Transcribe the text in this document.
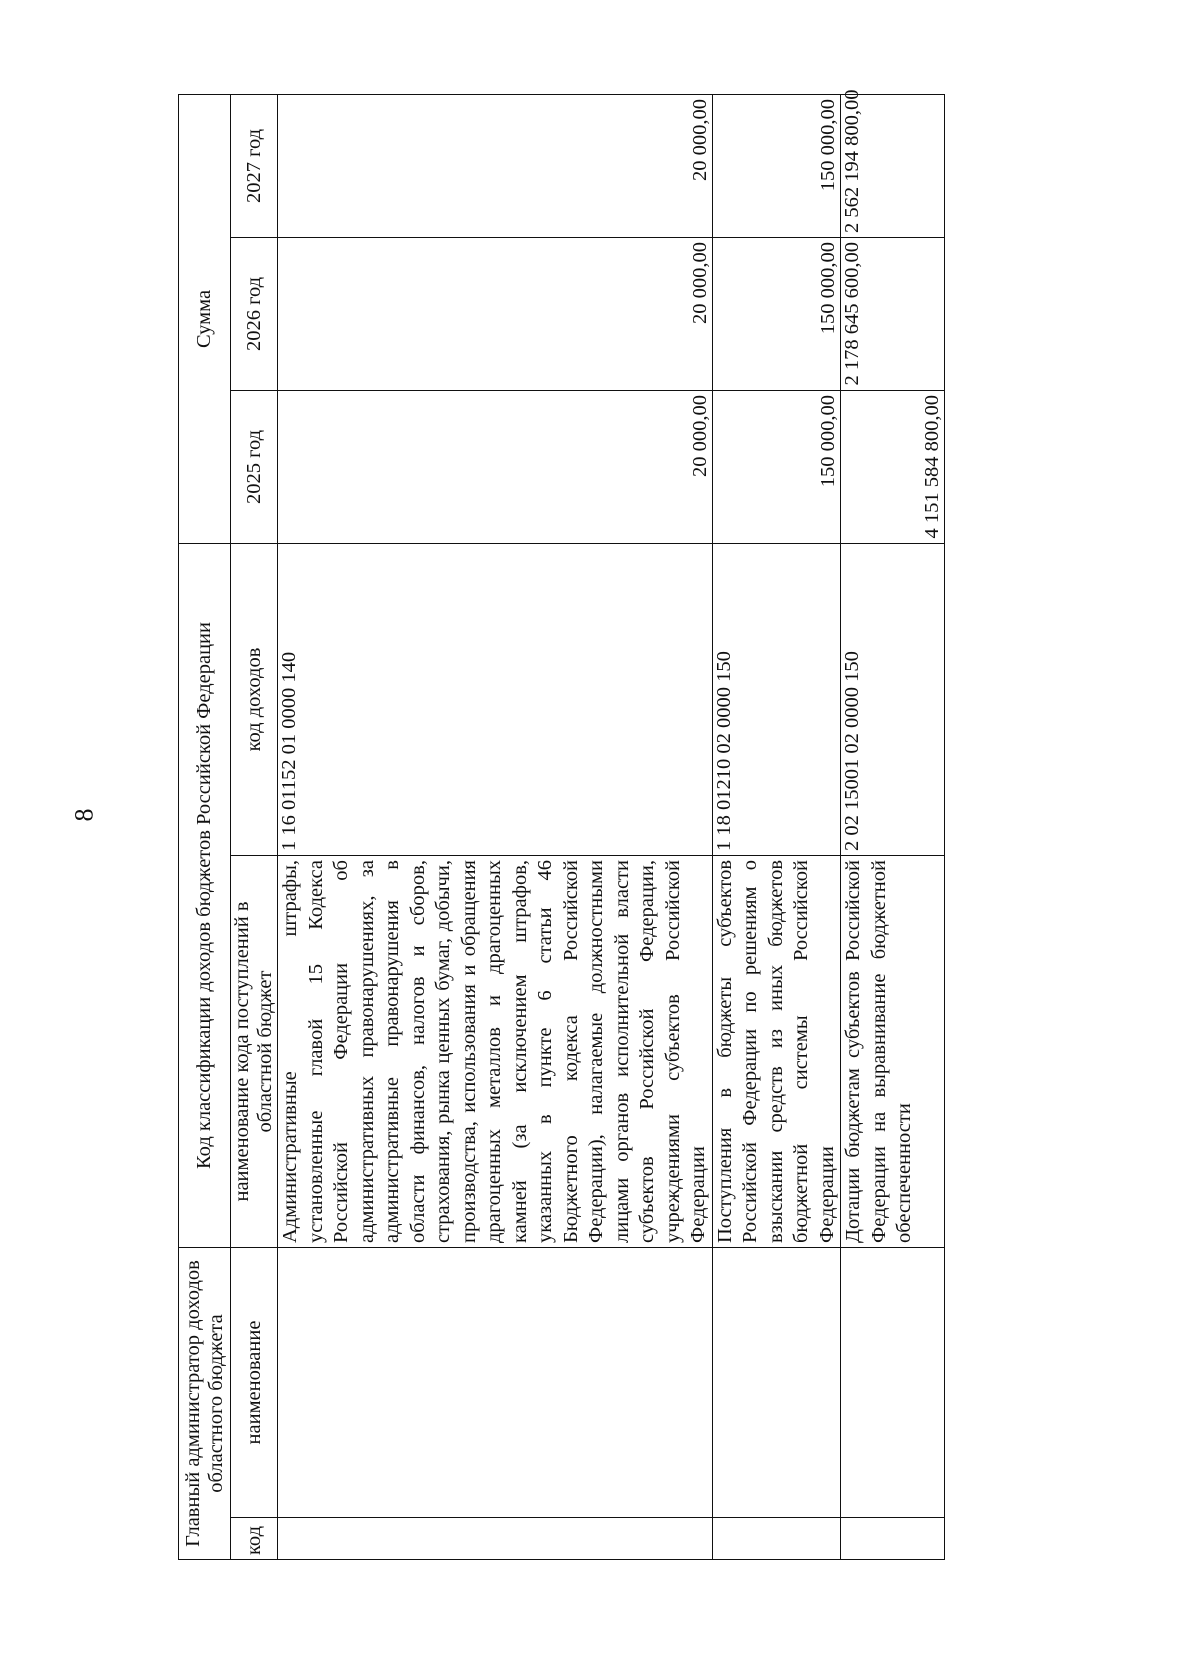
8
Главный администратор доходов областного бюджета		Код классификации доходов бюджетов Российской Федерации		Сумма		
код	наименование	наименование кода поступлений в областной бюджет	код доходов	2025 год	2026 год	2027 год
		Административные штрафы, установленные главой 15 Кодекса Российской Федерации об административных правонарушениях, за административные правонарушения в области финансов, налогов и сборов, страхования, рынка ценных бумаг, добычи, производства, использования и обращения драгоценных металлов и драгоценных камней (за исключением штрафов, указанных в пункте 6 статьи 46 Бюджетного кодекса Российской Федерации), налагаемые должностными лицами органов исполнительной власти субъектов Российской Федерации, учреждениями субъектов Российской Федерации	1 16 01152 01 0000 140	20 000,00	20 000,00	20 000,00
		Поступления в бюджеты субъектов Российской Федерации по решениям о взыскании средств из иных бюджетов бюджетной системы Российской Федерации	1 18 01210 02 0000 150	150 000,00	150 000,00	150 000,00
		Дотации бюджетам субъектов Российской Федерации на выравнивание бюджетной обеспеченности	2 02 15001 02 0000 150	4 151 584 800,00	2 178 645 600,00	2 562 194 800,00
